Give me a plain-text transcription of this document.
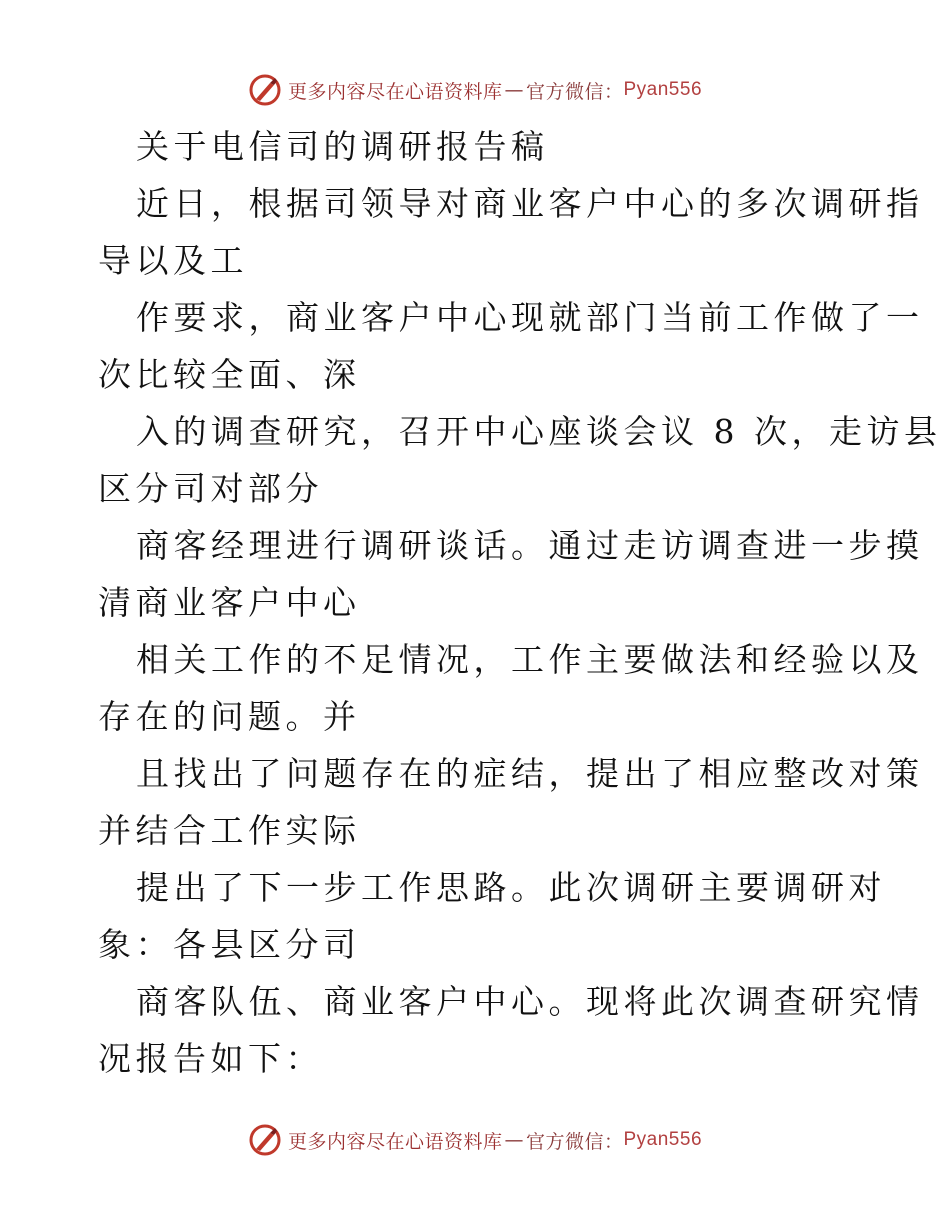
更多内容尽在心语资料库 — 官方微信： Pyan556
关于电信司的调研报告稿
近日，根据司领导对商业客户中心的多次调研指
导以及工
作要求，商业客户中心现就部门当前工作做了一
次比较全面、深
入的调查研究，召开中心座谈会议 8 次，走访县
区分司对部分
商客经理进行调研谈话。通过走访调查进一步摸
清商业客户中心
相关工作的不足情况，工作主要做法和经验以及
存在的问题。并
且找出了问题存在的症结，提出了相应整改对策
并结合工作实际
提出了下一步工作思路。此次调研主要调研对
象：各县区分司
商客队伍、商业客户中心。现将此次调查研究情
况报告如下：
更多内容尽在心语资料库 — 官方微信： Pyan556
